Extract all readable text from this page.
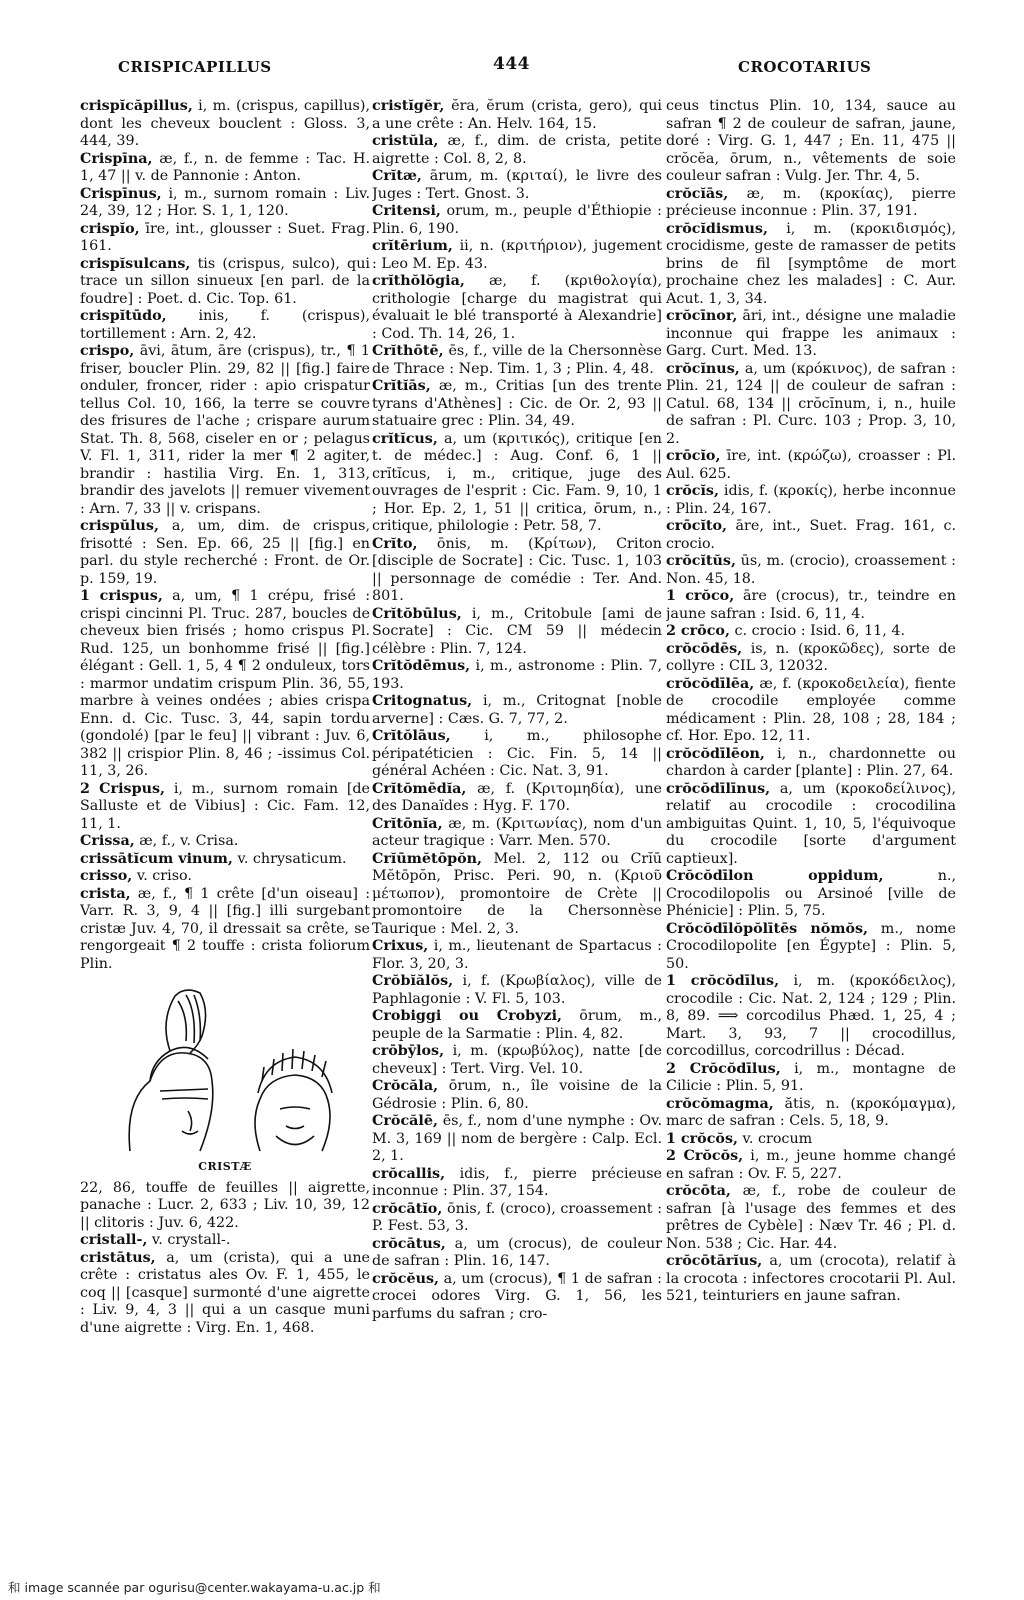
CRISPICAPILLUS	444	CROCOTARIUS

crispĭcăpillus, i, m. (crispus, capillus), dont les cheveux bouclent : Gloss. 3, 444, 39.

Crispīna, æ, f., n. de femme : Tac. H. 1, 47 || v. de Pannonie : Anton.

Crispīnus, i, m., surnom romain : Liv. 24, 39, 12 ; Hor. S. 1, 1, 120.

crispĭo, īre, int., glousser : Suet. Frag. 161.

crispĭsulcans, tis (crispus, sulco), qui trace un sillon sinueux [en parl. de la foudre] : Poet. d. Cic. Top. 61.

crispĭtūdo, inis, f. (crispus), tortillement : Arn. 2, 42.

crispo, āvi, ātum, āre (crispus), tr., ¶ 1 friser, boucler Plin. 29, 82 || [fig.] faire onduler, froncer, rider : apio crispatur tellus Col. 10, 166, la terre se couvre des frisures de l'ache ; crispare aurum Stat. Th. 8, 568, ciseler en or ; pelagus V. Fl. 1, 311, rider la mer ¶ 2 agiter, brandir : hastilia Virg. En. 1, 313, brandir des javelots || remuer vivement : Arn. 7, 33 || v. crispans.

crispŭlus, a, um, dim. de crispus, frisotté : Sen. Ep. 66, 25 || [fig.] en parl. du style recherché : Front. de Or. p. 159, 19.

1 crispus, a, um, ¶ 1 crépu, frisé : crispi cincinni Pl. Truc. 287, boucles de cheveux bien frisés ; homo crispus Pl. Rud. 125, un bonhomme frisé || [fig.] élégant : Gell. 1, 5, 4 ¶ 2 onduleux, tors : marmor undatim crispum Plin. 36, 55, marbre à veines ondées ; abies crispa Enn. d. Cic. Tusc. 3, 44, sapin tordu (gondolé) [par le feu] || vibrant : Juv. 6, 382 || crispior Plin. 8, 46 ; -issimus Col. 11, 3, 26.

2 Crispus, i, m., surnom romain [de Salluste et de Vibius] : Cic. Fam. 12, 11, 1.

Crissa, æ, f., v. Crisa.

crissātĭcum vinum, v. chrysaticum.

crisso, v. criso.

crista, æ, f., ¶ 1 crête [d'un oiseau] : Varr. R. 3, 9, 4 || [fig.] illi surgebant cristæ Juv. 4, 70, il dressait sa crête, se rengorgeait ¶ 2 touffe : crista foliorum Plin.

CRISTÆ

22, 86, touffe de feuilles || aigrette, panache : Lucr. 2, 633 ; Liv. 10, 39, 12 || clitoris : Juv. 6, 422.

cristall-, v. crystall-.

cristātus, a, um (crista), qui a une crête : cristatus ales Ov. F. 1, 455, le coq || [casque] surmonté d'une aigrette : Liv. 9, 4, 3 || qui a un casque muni d'une aigrette : Virg. En. 1, 468.

cristĭgĕr, ĕra, ĕrum (crista, gero), qui a une crête : An. Helv. 164, 15.

cristŭla, æ, f., dim. de crista, petite aigrette : Col. 8, 2, 8.

Crĭtæ, ārum, m. (κριταί), le livre des Juges : Tert. Gnost. 3.

Critensi, orum, m., peuple d'Éthiopie : Plin. 6, 190.

crĭtērium, ii, n. (κριτήριον), jugement : Leo M. Ep. 43.

crĭthŏlŏgia, æ, f. (κριθολογία), crithologie [charge du magistrat qui évaluait le blé transporté à Alexandrie] : Cod. Th. 14, 26, 1.

Crĭthōtē, ēs, f., ville de la Chersonnèse de Thrace : Nep. Tim. 1, 3 ; Plin. 4, 48.

Crĭtĭās, æ, m., Critias [un des trente tyrans d'Athènes] : Cic. de Or. 2, 93 || statuaire grec : Plin. 34, 49.

crĭtĭcus, a, um (κριτικός), critique [en t. de médec.] : Aug. Conf. 6, 1 || crĭtĭcus, i, m., critique, juge des ouvrages de l'esprit : Cic. Fam. 9, 10, 1 ; Hor. Ep. 2, 1, 51 || critica, ōrum, n., critique, philologie : Petr. 58, 7.

Crĭto, ōnis, m. (Κρίτων), Criton [disciple de Socrate] : Cic. Tusc. 1, 103 || personnage de comédie : Ter. And. 801.

Crĭtŏbūlus, i, m., Critobule [ami de Socrate] : Cic. CM 59 || médecin célèbre : Plin. 7, 124.

Crĭtŏdēmus, i, m., astronome : Plin. 7, 193.

Critognatus, i, m., Critognat [noble arverne] : Cæs. G. 7, 77, 2.

Crĭtŏlāus, i, m., philosophe péripatéticien : Cic. Fin. 5, 14 || général Achéen : Cic. Nat. 3, 91.

Crĭtŏmēdĭa, æ, f. (Κριτομηδία), une des Danaïdes : Hyg. F. 170.

Crĭtōnĭa, æ, m. (Κριτωνίας), nom d'un acteur tragique : Varr. Men. 570.

Crĭūmĕtōpŏn, Mel. 2, 112 ou Crĭū Mĕtōpŏn, Prisc. Peri. 90, n. (Κριοῦ μέτωπον), promontoire de Crète || promontoire de la Chersonnèse Taurique : Mel. 2, 3.

Crixus, i, m., lieutenant de Spartacus : Flor. 3, 20, 3.

Crŏbĭălŏs, i, f. (Κρωβίαλος), ville de Paphlagonie : V. Fl. 5, 103.

Crobiggi ou Crobyzi, ōrum, m., peuple de la Sarmatie : Plin. 4, 82.

crōbȳlos, i, m. (κρωβύλος), natte [de cheveux] : Tert. Virg. Vel. 10.

Crŏcăla, ōrum, n., île voisine de la Gédrosie : Plin. 6, 80.

Crŏcălē, ēs, f., nom d'une nymphe : Ov. M. 3, 169 || nom de bergère : Calp. Ecl. 2, 1.

crŏcallis, idis, f., pierre précieuse inconnue : Plin. 37, 154.

crŏcātĭo, ōnis, f. (croco), croassement : P. Fest. 53, 3.

crŏcātus, a, um (crocus), de couleur de safran : Plin. 16, 147.

crŏcĕus, a, um (crocus), ¶ 1 de safran : crocei odores Virg. G. 1, 56, les parfums du safran ; cro-

ceus tinctus Plin. 10, 134, sauce au safran ¶ 2 de couleur de safran, jaune, doré : Virg. G. 1, 447 ; En. 11, 475 || crŏcĕa, ōrum, n., vêtements de soie couleur safran : Vulg. Jer. Thr. 4, 5.

crŏcĭās, æ, m. (κροκίας), pierre précieuse inconnue : Plin. 37, 191.

crŏcĭdismus, i, m. (κροκιδισμός), crocidisme, geste de ramasser de petits brins de fil [symptôme de mort prochaine chez les malades] : C. Aur. Acut. 1, 3, 34.

crŏcīnor, āri, int., désigne une maladie inconnue qui frappe les animaux : Garg. Curt. Med. 13.

crŏcĭnus, a, um (κρόκινος), de safran : Plin. 21, 124 || de couleur de safran : Catul. 68, 134 || crŏcĭnum, i, n., huile de safran : Pl. Curc. 103 ; Prop. 3, 10, 2.

crōcĭo, īre, int. (κρώζω), croasser : Pl. Aul. 625.

crŏcĭs, idis, f. (κροκίς), herbe inconnue : Plin. 24, 167.

crōcĭto, āre, int., Suet. Frag. 161, c. crocio.

crŏcĭtŭs, ūs, m. (crocio), croassement : Non. 45, 18.

1 crŏco, āre (crocus), tr., teindre en jaune safran : Isid. 6, 11, 4.

2 crōco, c. crocio : Isid. 6, 11, 4.

crŏcōdēs, is, n. (κροκῶδες), sorte de collyre : CIL 3, 12032.

crŏcŏdīlēa, æ, f. (κροκοδειλεία), fiente de crocodile employée comme médicament : Plin. 28, 108 ; 28, 184 ; cf. Hor. Epo. 12, 11.

crŏcŏdīlēon, i, n., chardonnette ou chardon à carder [plante] : Plin. 27, 64.

crŏcŏdīlīnus, a, um (κροκοδείλινος), relatif au crocodile : crocodilina ambiguitas Quint. 1, 10, 5, l'équivoque du crocodile [sorte d'argument captieux].

Crŏcŏdīlon oppidum,	n., Crocodilopolis ou Arsinoé [ville de Phénicie] : Plin. 5, 75.

Crŏcŏdīlŏpŏlītēs nŏmŏs, m., nome Crocodilopolite [en Égypte] : Plin. 5, 50.

1 crŏcŏdīlus, i, m. (κροκόδειλος), crocodile : Cic. Nat. 2, 124 ; 129 ; Plin. 8, 89. ⟹ corcodilus Phæd. 1, 25, 4 ; Mart. 3, 93, 7 || crocodillus, corcodillus, corcodrillus : Décad.

2 Crŏcŏdīlus, i, m., montagne de Cilicie : Plin. 5, 91.

crŏcŏmagma, ătis, n. (κροκόμαγμα), marc de safran : Cels. 5, 18, 9.

1 crŏcŏs, v. crocum

2 Crŏcŏs, i, m., jeune homme changé en safran : Ov. F. 5, 227.

crŏcōta, æ, f., robe de couleur de safran [à l'usage des femmes et des prêtres de Cybèle] : Næv Tr. 46 ; Pl. d. Non. 538 ; Cic. Har. 44.

crŏcōtārĭus, a, um (crocota), relatif à la crocota : infectores crocotarii Pl. Aul. 521, teinturiers en jaune safran.

和 image scannée par ogurisu@center.wakayama-u.ac.jp 和
